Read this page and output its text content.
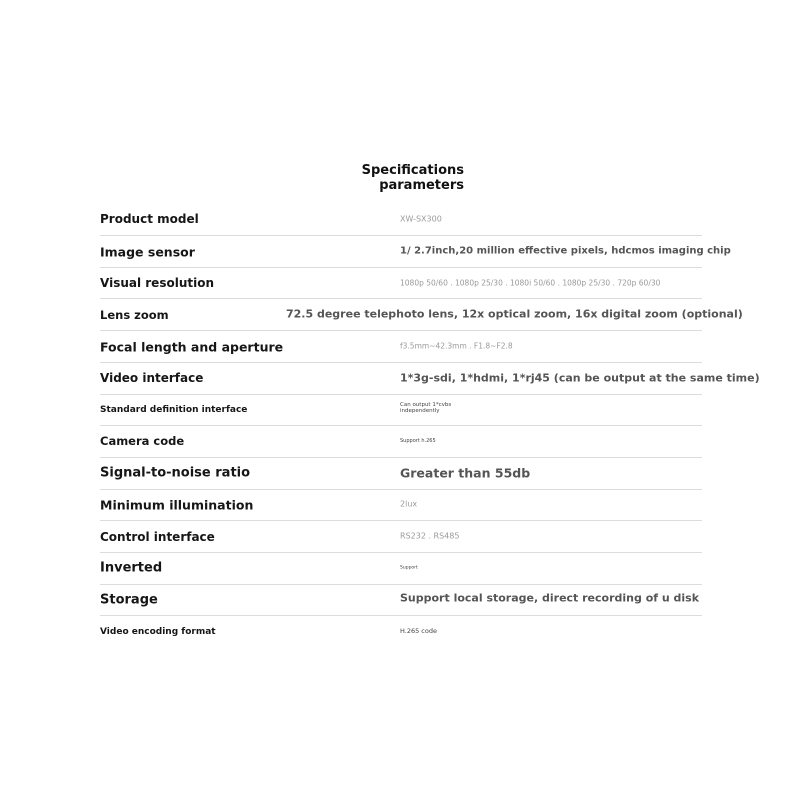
Specifications
parameters
Product model	XW-SX300
Image sensor	1/ 2.7inch,20 million effective pixels, hdcmos imaging chip
Visual resolution	1080p 50/60 . 1080p 25/30 . 1080i 50/60 . 1080p 25/30 . 720p 60/30
Lens zoom	72.5 degree telephoto lens, 12x optical zoom, 16x digital zoom (optional)
Focal length and aperture	f3.5mm~42.3mm . F1.8~F2.8
Video interface	1*3g-sdi, 1*hdmi, 1*rj45 (can be output at the same time)
Standard definition interface	Can output 1*cvbs independently
Camera code	Support h.265
Signal-to-noise ratio	Greater than 55db
Minimum illumination	2lux
Control interface	RS232 . RS485
Inverted	Support
Storage	Support local storage, direct recording of u disk
Video encoding format	H.265 code
